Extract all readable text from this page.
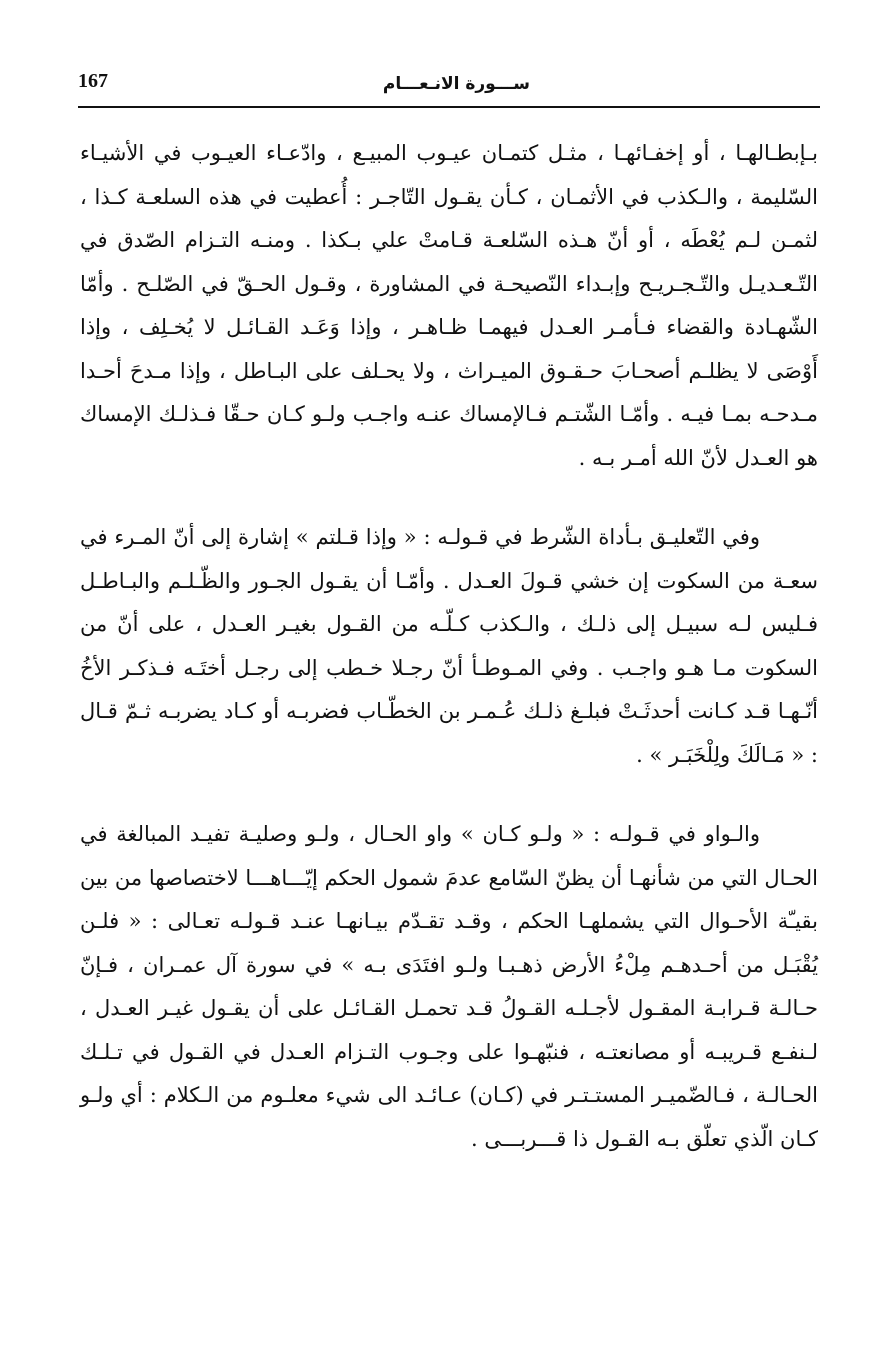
167	ســـورة الانـعـــام

بـإبطـالهـا ، أو إخفـائهـا ، مثـل كتمـان عيـوب المبيـع ، وادّعـاء العيـوب في الأشيـاء السّليمة ، والـكذب في الأثمـان ، كـأن يقـول التّاجـر : أُعطيت في هذه السلعـة كـذا ، لثمـن لـم يُعْطَه ، أو أنّ هـذه السّلعـة قـامتْ علي بـكذا . ومنـه التـزام الصّدق في التّـعـديـل والتّـجـريـح وإبـداء النّصيحـة في المشاورة ، وقـول الحـقّ في الصّلـح . وأمّا الشّهـادة والقضاء فـأمـر العـدل فيهمـا ظـاهـر ، وإذا وَعَـد القـائـل لا يُخـلِف ، وإذا أَوْصَى لا يظلـم أصحـابَ حـقـوق الميـراث ، ولا يحـلف على البـاطل ، وإذا مـدحَ أحـدا مـدحـه بمـا فيـه . وأمّـا الشّتـم فـالإمساك عنـه واجـب ولـو كـان حـقّا فـذلـك الإمساك هو العـدل لأنّ الله أمـر بـه .

وفي التّعليـق بـأداة الشّرط في قـولـه : « وإذا قـلتم » إشارة إلى أنّ المـرء في سعـة من السكوت إن خشي قـولَ العـدل . وأمّـا أن يقـول الجـور والظّـلـم والبـاطـل فـليس لـه سبيـل إلى ذلـك ، والـكذب كـلّـه من القـول بغيـر العـدل ، على أنّ من السكوت مـا هـو واجـب . وفي المـوطـأ أنّ رجـلا خـطب إلى رجـل أختَـه فـذكـر الأخُ أنّـهـا قـد كـانت أحدثَـتْ فبلـغ ذلـك عُـمـر بن الخطّـاب فضربـه أو كـاد يضربـه ثـمّ قـال : « مَـالَكَ ولِلْخَبَـر » .

والـواو في قـولـه : « ولـو كـان » واو الحـال ، ولـو وصليـة تفيـد المبالغة في الحـال التي من شأنهـا أن يظنّ السّامع عدمَ شمول الحكم إيّـــاهـــا لاختصاصها من بين بقيـّة الأحـوال التي يشملهـا الحكم ، وقـد تقـدّم بيـانهـا عنـد قـولـه تعـالى : « فلـن يُقْبَـل من أحـدهـم مِلْءُ الأرض ذهـبـا ولـو افتَدَى بـه » في سورة آل عمـران ، فـإنّ حـالـة قـرابـة المقـول لأجـلـه القـولُ قـد تحمـل القـائـل على أن يقـول غيـر العـدل ، لـنفـع قـريبـه أو مصانعتـه ، فنبّهـوا على وجـوب التـزام العـدل في القـول في تـلـك الحـالـة ، فـالضّميـر المستـتـر في (كـان) عـائـد الى شيء معلـوم من الـكلام : أي ولـو كـان الّذي تعلّق بـه القـول ذا قـــربـــى .
